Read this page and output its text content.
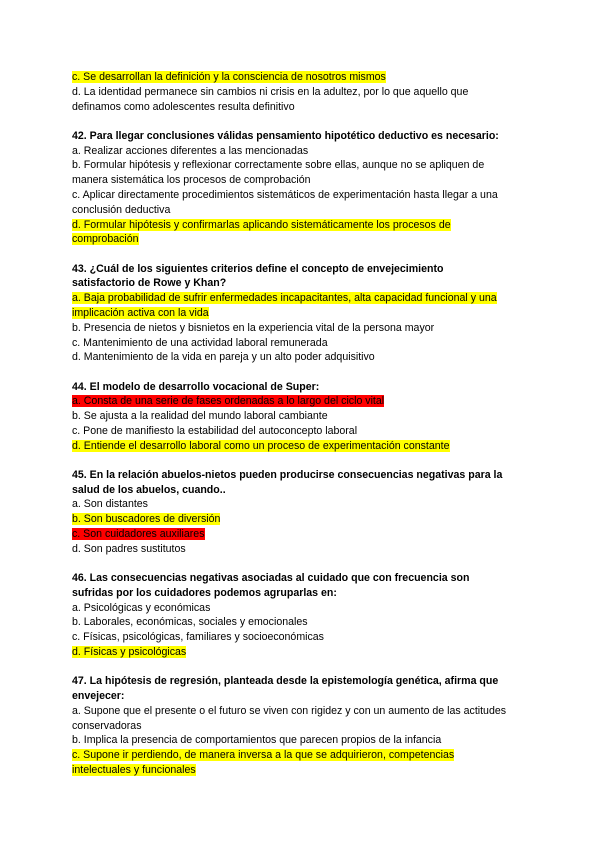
c. Se desarrollan la definición y la consciencia de nosotros mismos

d. La identidad permanece sin cambios ni crisis en la adultez, por lo que aquello que

definamos como adolescentes resulta definitivo

42. Para llegar conclusiones válidas pensamiento hipotético deductivo es necesario:

a. Realizar acciones diferentes a las mencionadas

b. Formular hipótesis y reflexionar correctamente sobre ellas, aunque no se apliquen de

manera sistemática los procesos de comprobación

c. Aplicar directamente procedimientos sistemáticos de experimentación hasta llegar a una

conclusión deductiva

d. Formular hipótesis y confirmarlas aplicando sistemáticamente los procesos de

comprobación

43. ¿Cuál de los siguientes criterios define el concepto de envejecimiento

satisfactorio de Rowe y Khan?

a. Baja probabilidad de sufrir enfermedades incapacitantes, alta capacidad funcional y una

implicación activa con la vida

b. Presencia de nietos y bisnietos en la experiencia vital de la persona mayor

c. Mantenimiento de una actividad laboral remunerada

d. Mantenimiento de la vida en pareja y un alto poder adquisitivo

44. El modelo de desarrollo vocacional de Super:

a. Consta de una serie de fases ordenadas a lo largo del ciclo vital

b. Se ajusta a la realidad del mundo laboral cambiante

c. Pone de manifiesto la estabilidad del autoconcepto laboral

d. Entiende el desarrollo laboral como un proceso de experimentación constante

45. En la relación abuelos-nietos pueden producirse consecuencias negativas para la

salud de los abuelos, cuando..

a. Son distantes

b. Son buscadores de diversión

c. Son cuidadores auxiliares

d. Son padres sustitutos

46. Las consecuencias negativas asociadas al cuidado que con frecuencia son

sufridas por los cuidadores podemos agruparlas en:

a. Psicológicas y económicas

b. Laborales, económicas, sociales y emocionales

c. Físicas, psicológicas, familiares y socioeconómicas

d. Físicas y psicológicas

47. La hipótesis de regresión, planteada desde la epistemología genética, afirma que

envejecer:

a. Supone que el presente o el futuro se viven con rigidez y con un aumento de las actitudes

conservadoras

b. Implica la presencia de comportamientos que parecen propios de la infancia

c. Supone ir perdiendo, de manera inversa a la que se adquirieron, competencias

intelectuales y funcionales
